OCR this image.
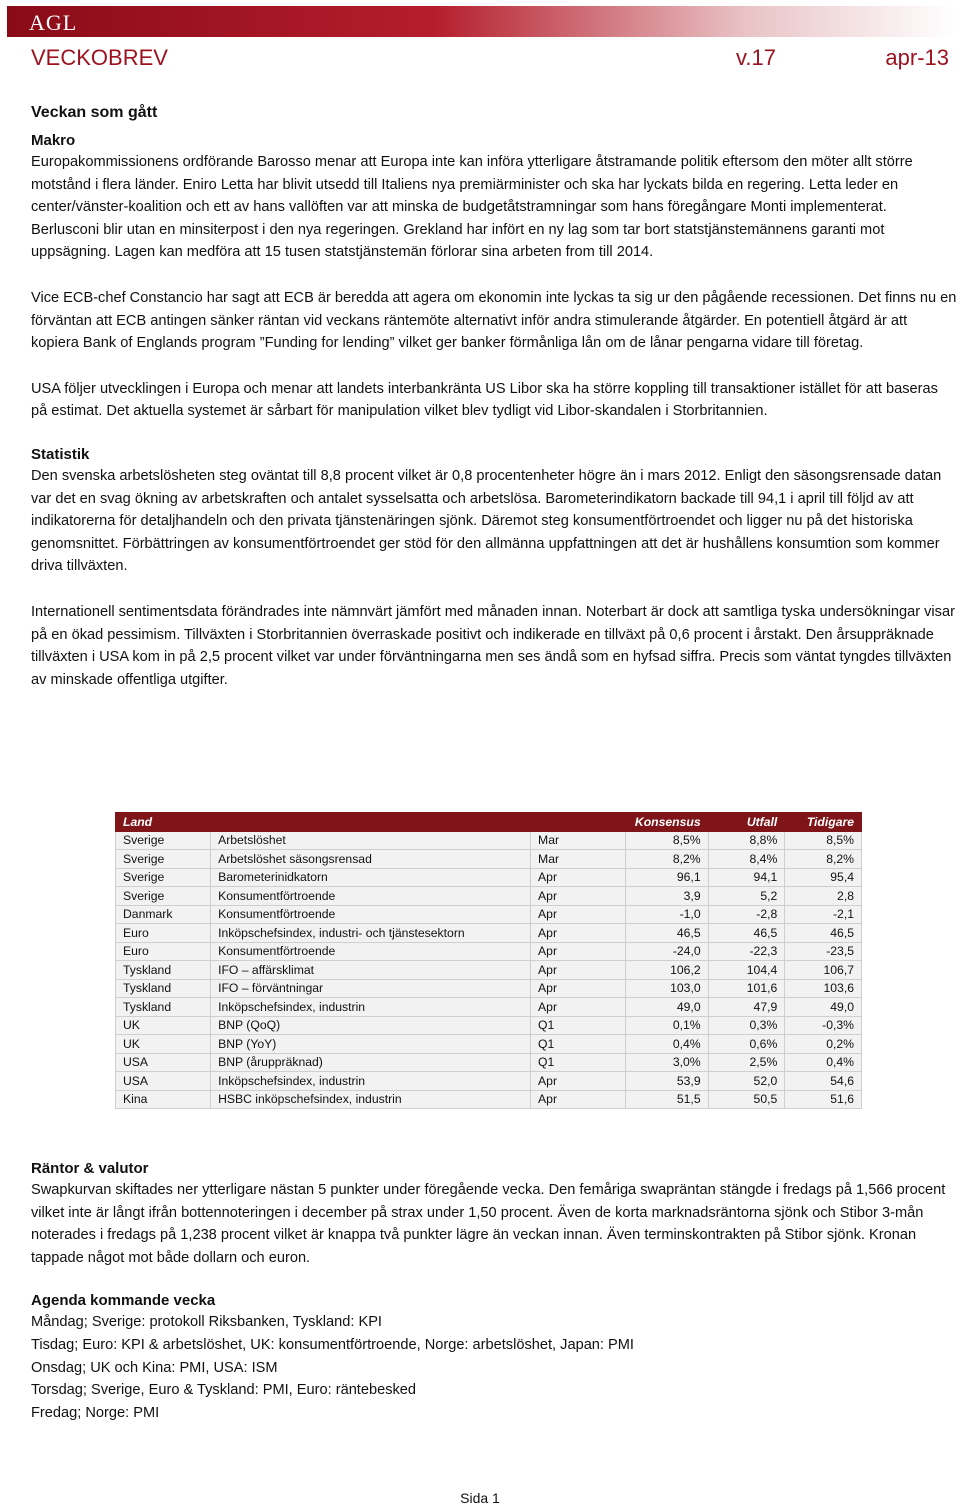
AGL
VECKOBREV	v.17	apr-13
Veckan som gått
Makro

Europakommissionens ordförande Barosso menar att Europa inte kan införa ytterligare åtstramande politik eftersom den möter allt större motstånd i flera länder. Eniro Letta har blivit utsedd till Italiens nya premiärminister och ska har lyckats bilda en regering. Letta leder en center/vänster-koalition och ett av hans vallöften var att minska de budgetåtstramningar som hans föregångare Monti implementerat. Berlusconi blir utan en minsiterpost i den nya regeringen. Grekland har infört en ny lag som tar bort statstjänstemännens garanti mot uppsägning. Lagen kan medföra att 15 tusen statstjänstemän förlorar sina arbeten from till 2014.

Vice ECB-chef Constancio har sagt att ECB är beredda att agera om ekonomin inte lyckas ta sig ur den pågående recessionen. Det finns nu en förväntan att ECB antingen sänker räntan vid veckans räntemöte alternativt inför andra stimulerande åtgärder. En potentiell åtgärd är att kopiera Bank of Englands program ”Funding for lending” vilket ger banker förmånliga lån om de lånar pengarna vidare till företag.

USA följer utvecklingen i Europa och menar att landets interbankränta US Libor ska ha större koppling till transaktioner istället för att baseras på estimat. Det aktuella systemet är sårbart för manipulation vilket blev tydligt vid Libor-skandalen i Storbritannien.

Statistik

Den svenska arbetslösheten steg oväntat till 8,8 procent vilket är 0,8 procentenheter högre än i mars 2012. Enligt den säsongsrensade datan var det en svag ökning av arbetskraften och antalet sysselsatta och arbetslösa. Barometerindikatorn backade till 94,1 i april till följd av att indikatorerna för detaljhandeln och den privata tjänstenäringen sjönk. Däremot steg konsumentförtroendet och ligger nu på det historiska genomsnittet. Förbättringen av konsumentförtroendet ger stöd för den allmänna uppfattningen att det är hushållens konsumtion som kommer driva tillväxten.

Internationell sentimentsdata förändrades inte nämnvärt jämfört med månaden innan. Noterbart är dock att samtliga tyska undersökningar visar på en ökad pessimism. Tillväxten i Storbritannien överraskade positivt och indikerade en tillväxt på 0,6 procent i årstakt. Den årsuppräknade tillväxten i USA kom in på 2,5 procent vilket var under förväntningarna men ses ändå som en hyfsad siffra. Precis som väntat tyngdes tillväxten av minskade offentliga utgifter.

Land			Konsensus	Utfall	Tidigare
Sverige	Arbetslöshet	Mar	8,5%	8,8%	8,5%
Sverige	Arbetslöshet säsongsrensad	Mar	8,2%	8,4%	8,2%
Sverige	Barometerinidkatorn	Apr	96,1	94,1	95,4
Sverige	Konsumentförtroende	Apr	3,9	5,2	2,8
Danmark	Konsumentförtroende	Apr	-1,0	-2,8	-2,1
Euro	Inköpschefsindex, industri- och tjänstesektorn	Apr	46,5	46,5	46,5
Euro	Konsumentförtroende	Apr	-24,0	-22,3	-23,5
Tyskland	IFO – affärsklimat	Apr	106,2	104,4	106,7
Tyskland	IFO – förväntningar	Apr	103,0	101,6	103,6
Tyskland	Inköpschefsindex, industrin	Apr	49,0	47,9	49,0
UK	BNP (QoQ)	Q1	0,1%	0,3%	-0,3%
UK	BNP (YoY)	Q1	0,4%	0,6%	0,2%
USA	BNP (åruppräknad)	Q1	3,0%	2,5%	0,4%
USA	Inköpschefsindex, industrin	Apr	53,9	52,0	54,6
Kina	HSBC inköpschefsindex, industrin	Apr	51,5	50,5	51,6
Räntor & valutor

Swapkurvan skiftades ner ytterligare nästan 5 punkter under föregående vecka. Den femåriga swapräntan stängde i fredags på 1,566 procent vilket inte är långt ifrån bottennoteringen i december på strax under 1,50 procent. Även de korta marknadsräntorna sjönk och Stibor 3-mån noterades i fredags på 1,238 procent vilket är knappa två punkter lägre än veckan innan. Även terminskontrakten på Stibor sjönk. Kronan tappade något mot både dollarn och euron.

Agenda kommande vecka
Måndag; Sverige: protokoll Riksbanken, Tyskland: KPI
Tisdag; Euro: KPI & arbetslöshet, UK: konsumentförtroende, Norge: arbetslöshet, Japan: PMI
Onsdag; UK och Kina: PMI, USA: ISM
Torsdag; Sverige, Euro & Tyskland: PMI, Euro: räntebesked
Fredag; Norge: PMI
Sida 1
